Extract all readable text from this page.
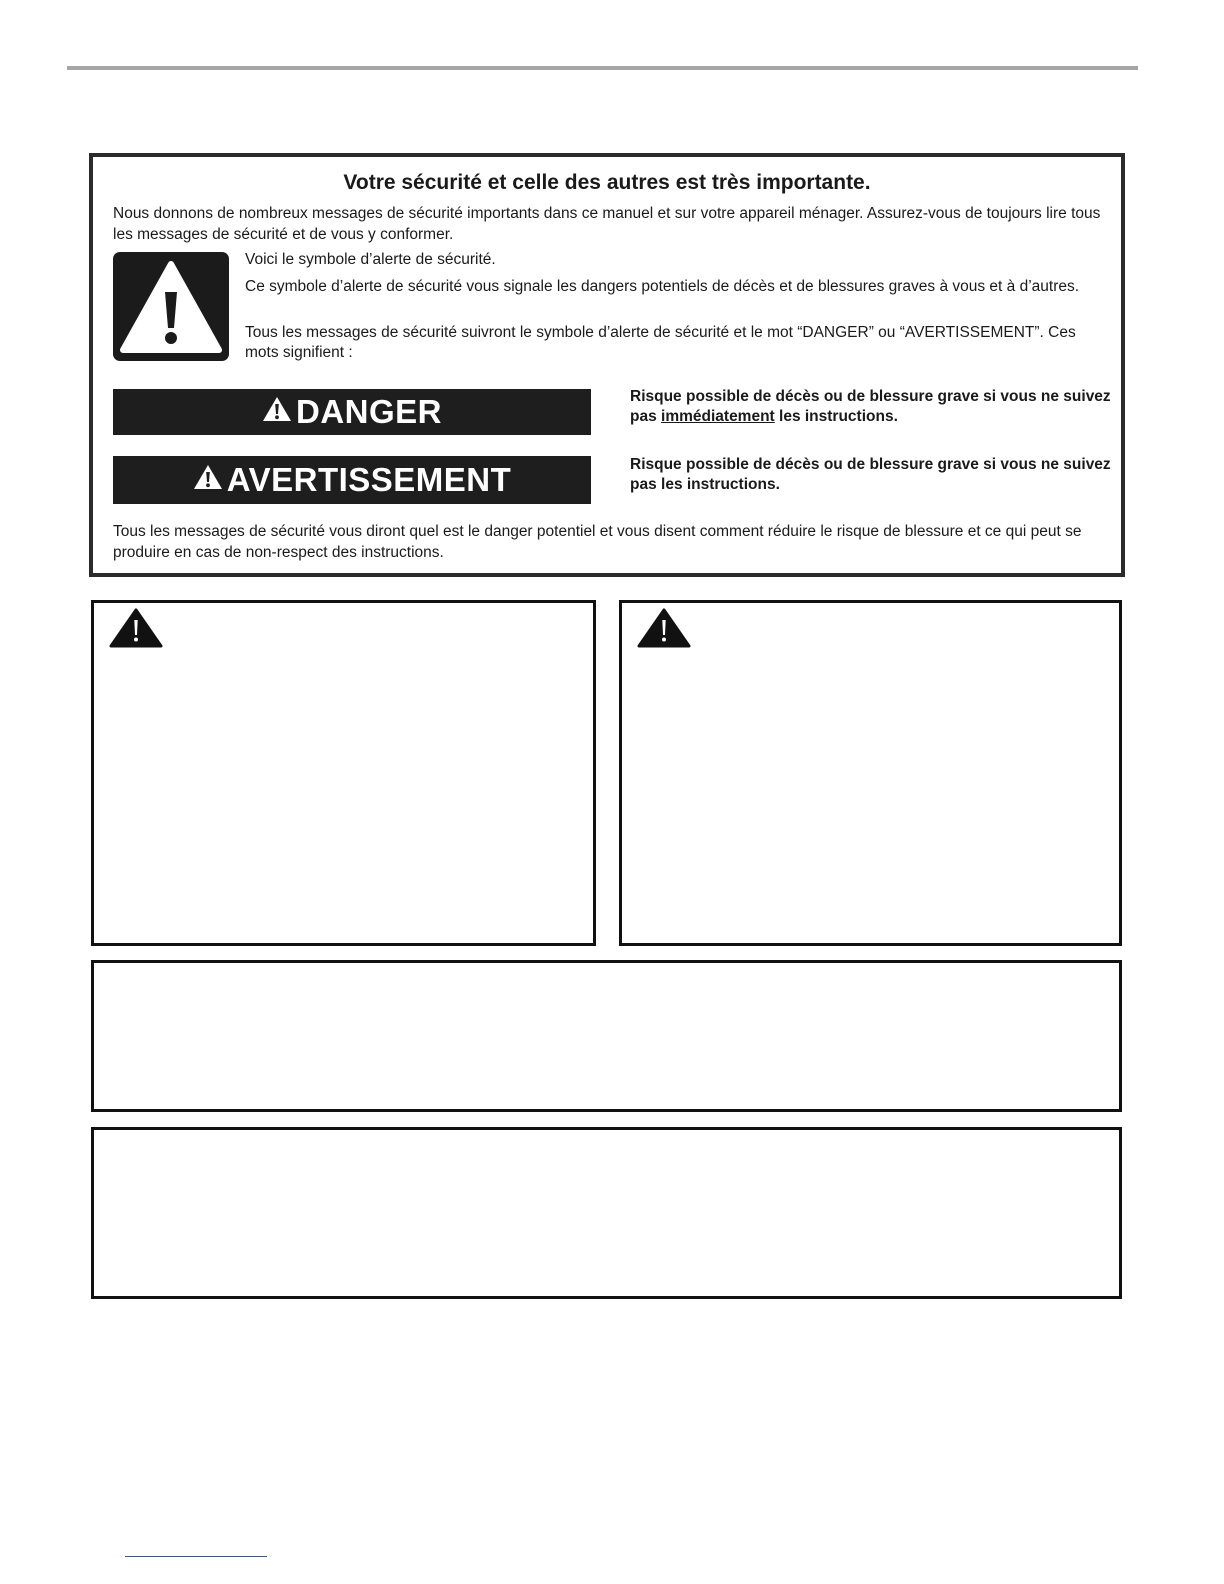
Votre sécurité et celle des autres est très importante.
Nous donnons de nombreux messages de sécurité importants dans ce manuel et sur votre appareil ménager. Assurez-vous de toujours lire tous les messages de sécurité et de vous y conformer.
Voici le symbole d’alerte de sécurité.
Ce symbole d’alerte de sécurité vous signale les dangers potentiels de décès et de blessures graves à vous et à d’autres.
Tous les messages de sécurité suivront le symbole d’alerte de sécurité et le mot “DANGER” ou “AVERTISSEMENT”. Ces mots signifient :
DANGER	Risque possible de décès ou de blessure grave si vous ne suivez pas immédiatement les instructions.
AVERTISSEMENT	Risque possible de décès ou de blessure grave si vous ne suivez pas les instructions.
Tous les messages de sécurité vous diront quel est le danger potentiel et vous disent comment réduire le risque de blessure et ce qui peut se produire en cas de non-respect des instructions.
